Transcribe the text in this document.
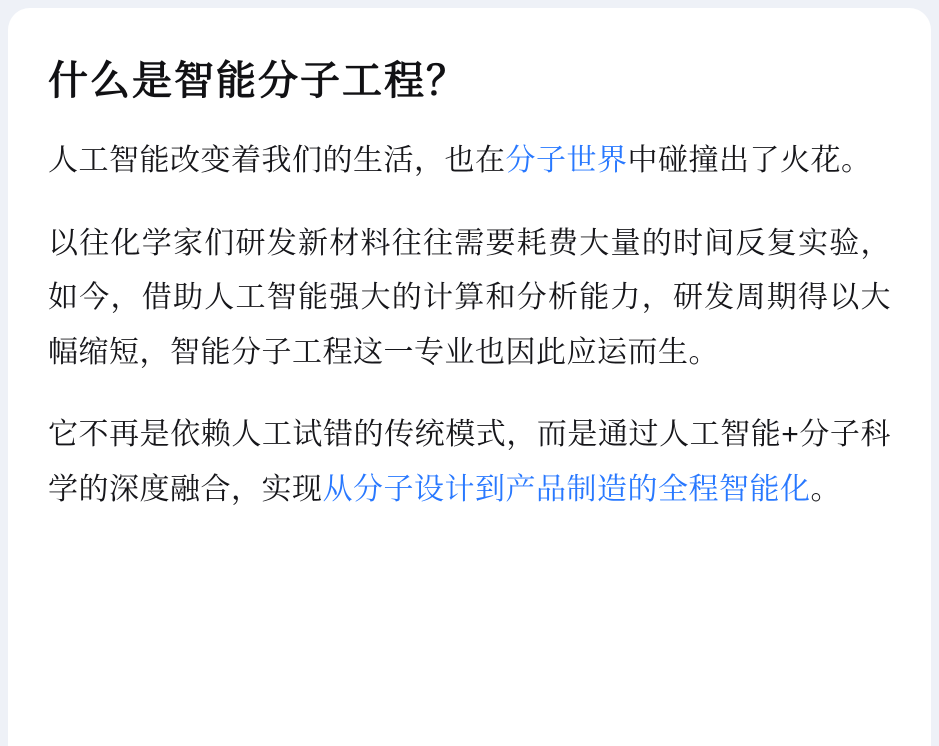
什么是智能分子工程？
人工智能改变着我们的生活，也在分子世界中碰撞出了火花。
以往化学家们研发新材料往往需要耗费大量的时间反复实验，如今，借助人工智能强大的计算和分析能力，研发周期得以大幅缩短，智能分子工程这一专业也因此应运而生。
它不再是依赖人工试错的传统模式，而是通过人工智能+分子科学的深度融合，实现从分子设计到产品制造的全程智能化。
